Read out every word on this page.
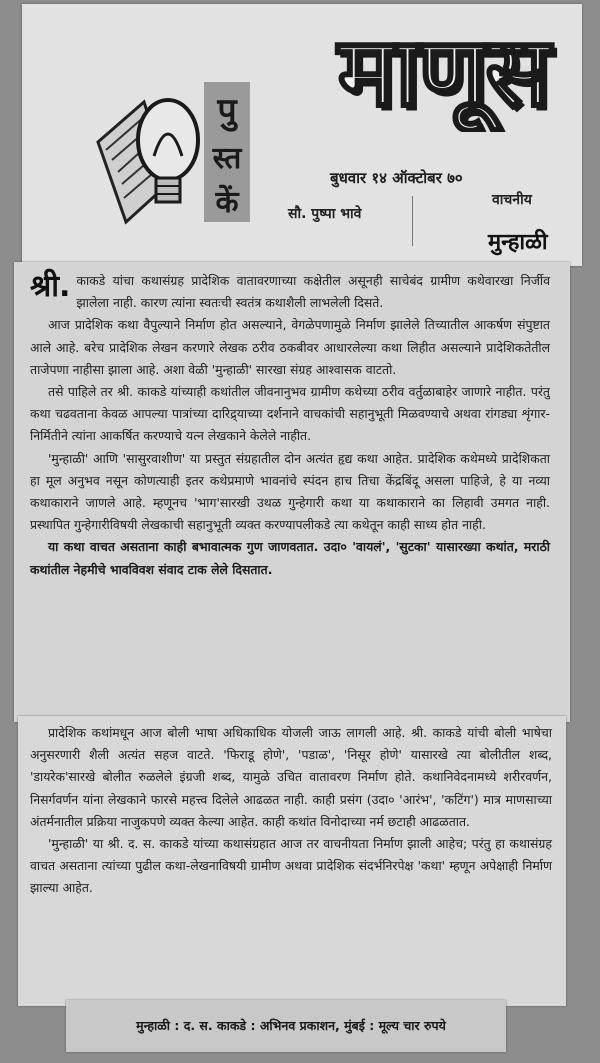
माणूस
पु
स्त
कें
बुधवार १४ ऑक्टोबर ७०
वाचनीय
सौ. पुष्पा भावे
मुन्हाळी

श्री. काकडे यांचा कथासंग्रह प्रादेशिक वातावरणाच्या कक्षेतील असूनही साचेबंद ग्रामीण कथेवारखा निर्जीव झालेला नाही. कारण त्यांना स्वतःची स्वतंत्र कथाशैली लाभलेली दिसते.

आज प्रादेशिक कथा वैपुल्याने निर्माण होत असल्याने, वेगळेपणामुळे निर्माण झालेले तिच्यातील आकर्षण संपुष्टात आले आहे. बरेच प्रादेशिक लेखन करणारे लेखक ठरीव ठकबीवर आधारलेल्या कथा लिहीत असल्याने प्रादेशिकतेतील ताजेपणा नाहीसा झाला आहे. अशा वेळी 'मुन्हाळी' सारखा संग्रह आश्वासक वाटतो.

तसे पाहिले तर श्री. काकडे यांच्याही कथांतील जीवनानुभव ग्रामीण कथेच्या ठरीव वर्तुळाबाहेर जाणारे नाहीत. परंतु कथा चढवताना केवळ आपल्या पात्रांच्या दारिद्र्याच्या दर्शनाने वाचकांची सहानुभूती मिळवण्याचे अथवा रांगड्या शृंगार-निर्मितीने त्यांना आकर्षित करण्याचे यत्न लेखकाने केलेले नाहीत.

'मुन्हाळी' आणि 'सासुरवाशीण' या प्रस्तुत संग्रहातील दोन अत्यंत हृद्य कथा आहेत. प्रादेशिक कथेमध्ये प्रादेशिकता हा मूल अनुभव नसून कोणत्याही इतर कथेप्रमाणे भावनांचे स्पंदन हाच तिचा केंद्रबिंदू असला पाहिजे, हे या नव्या कथाकाराने जाणले आहे. म्हणूनच 'भाग'सारखी उथळ गुन्हेगारी कथा या कथाकाराने का लिहावी उमगत नाही. प्रस्थापित गुन्हेगारीविषयी लेखकाची सहानुभूती व्यक्त करण्यापलीकडे त्या कथेतून काही साध्य होत नाही.

या कथा वाचत असताना काही बभावात्मक गुण जाणवतात. उदा० 'वायलं', 'सुटका' यासारख्या कथांत, मराठी कथांतील नेहमीचे भावविवश संवाद टाक लेले दिसतात.

प्रादेशिक कथांमधून आज बोली भाषा अधिकाधिक योजली जाऊ लागली आहे. श्री. काकडे यांची बोली भाषेचा अनुसरणारी शैली अत्यंत सहज वाटते. 'फिराडू होणे', 'पडाळ', 'निसूर होणे' यासारखे त्या बोलीतील शब्द, 'डायरेक'सारखे बोलीत रुळलेले इंग्रजी शब्द, यामुळे उचित वातावरण निर्माण होते. कथानिवेदनामध्ये शरीरवर्णन, निसर्गवर्णन यांना लेखकाने फारसे महत्त्व दिलेले आढळत नाही. काही प्रसंग (उदा० 'आरंभ', 'कटिंग') मात्र माणसाच्या अंतर्मनातील प्रक्रिया नाजुकपणे व्यक्त केल्या आहेत. काही कथांत विनोदाच्या नर्म छटाही आढळतात.

'मुन्हाळी' या श्री. द. स. काकडे यांच्या कथासंग्रहात आज तर वाचनीयता निर्माण झाली आहेच; परंतु हा कथासंग्रह वाचत असताना त्यांच्या पुढील कथा-लेखनाविषयी ग्रामीण अथवा प्रादेशिक संदर्भनिरपेक्ष 'कथा' म्हणून अपेक्षाही निर्माण झाल्या आहेत.

मुन्हाळी : द. स. काकडे : अभिनव प्रकाशन, मुंबई : मूल्य चार रुपये
